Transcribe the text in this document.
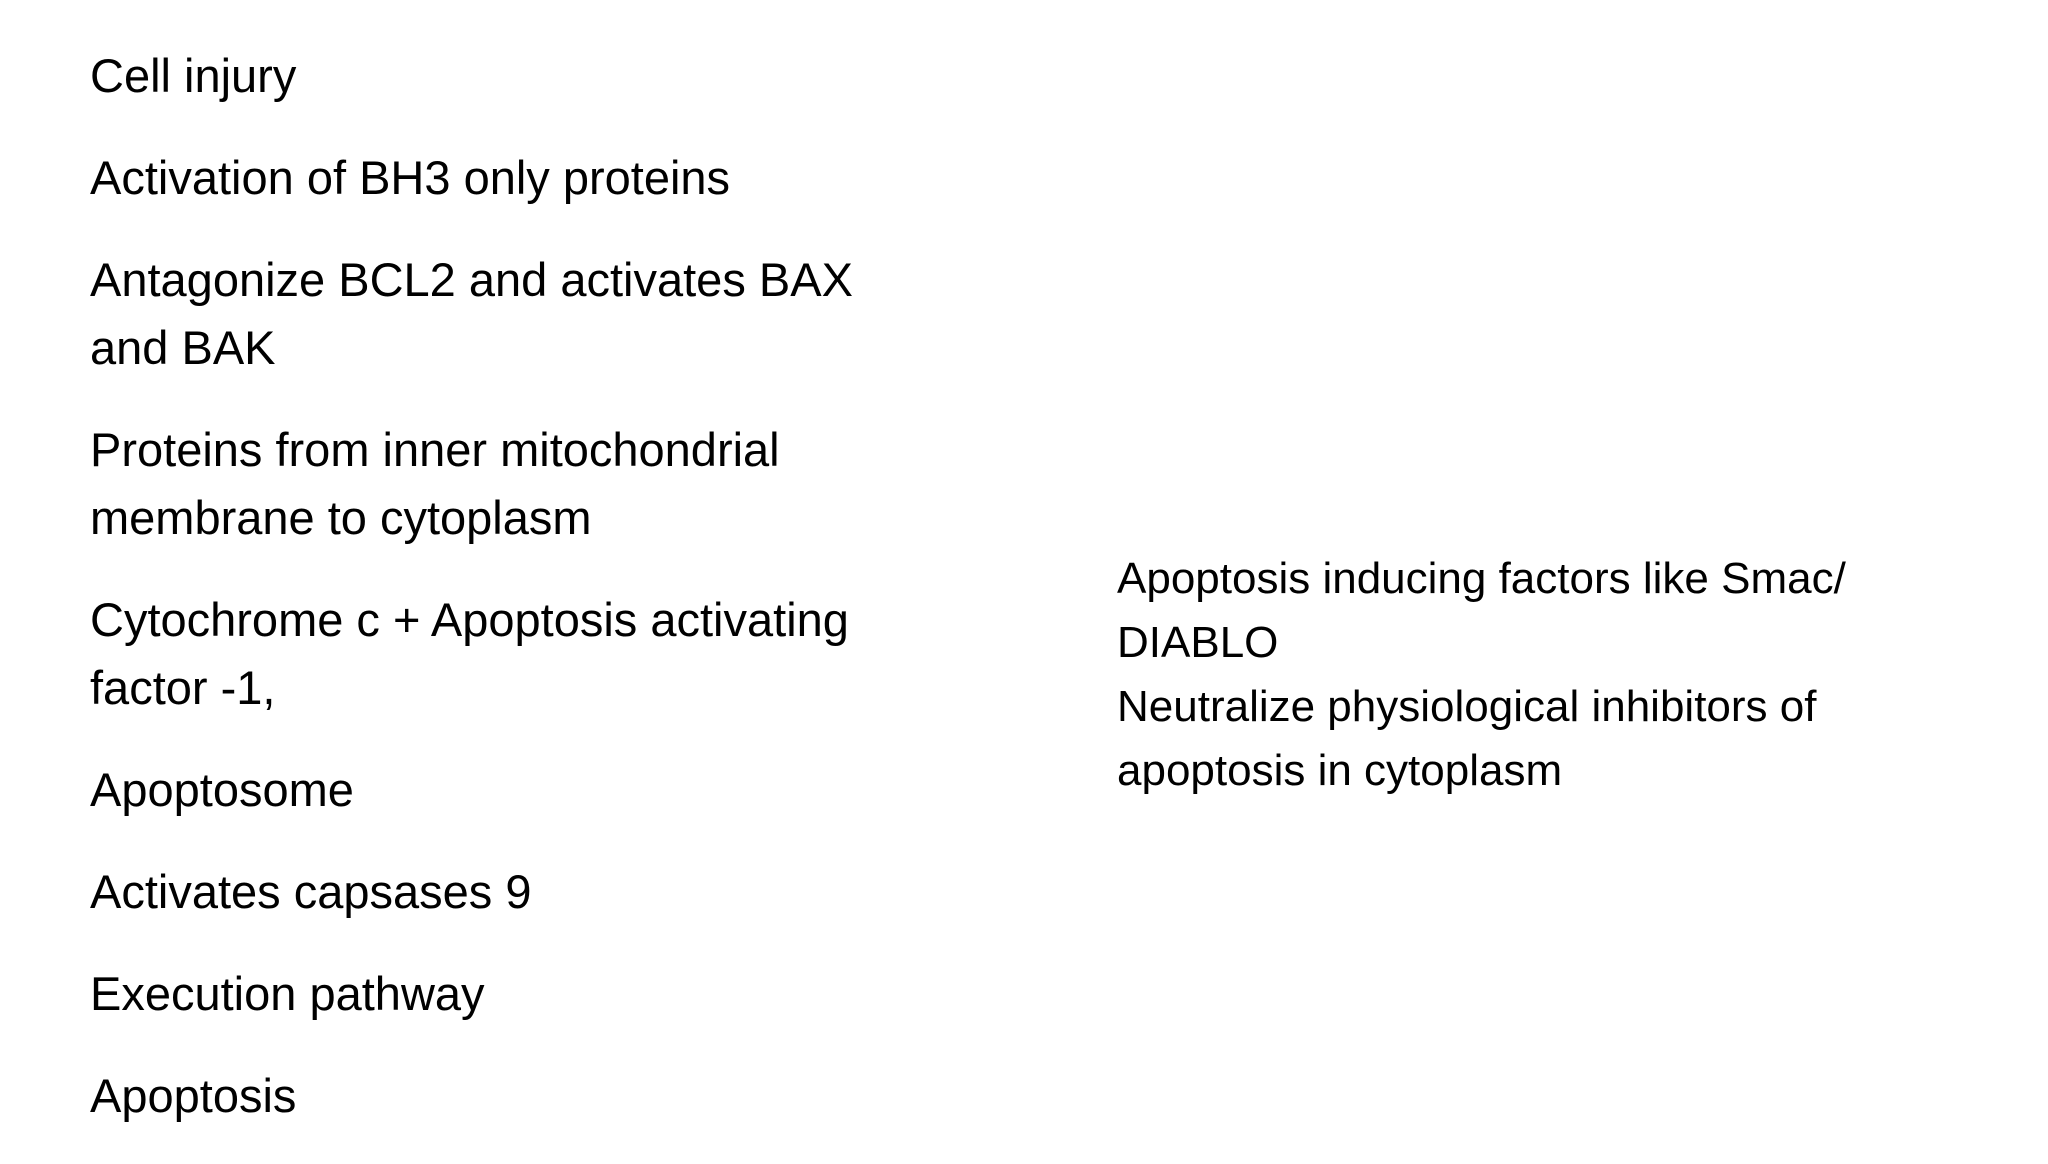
Cell injury
Activation of BH3 only proteins
Antagonize BCL2 and activates BAX and BAK
Proteins from inner mitochondrial membrane to cytoplasm
Cytochrome c + Apoptosis activating factor -1,
Apoptosome
Activates capsases 9
Execution pathway
Apoptosis

Apoptosis inducing factors like Smac/ DIABLO

Neutralize physiological inhibitors of apoptosis in cytoplasm
